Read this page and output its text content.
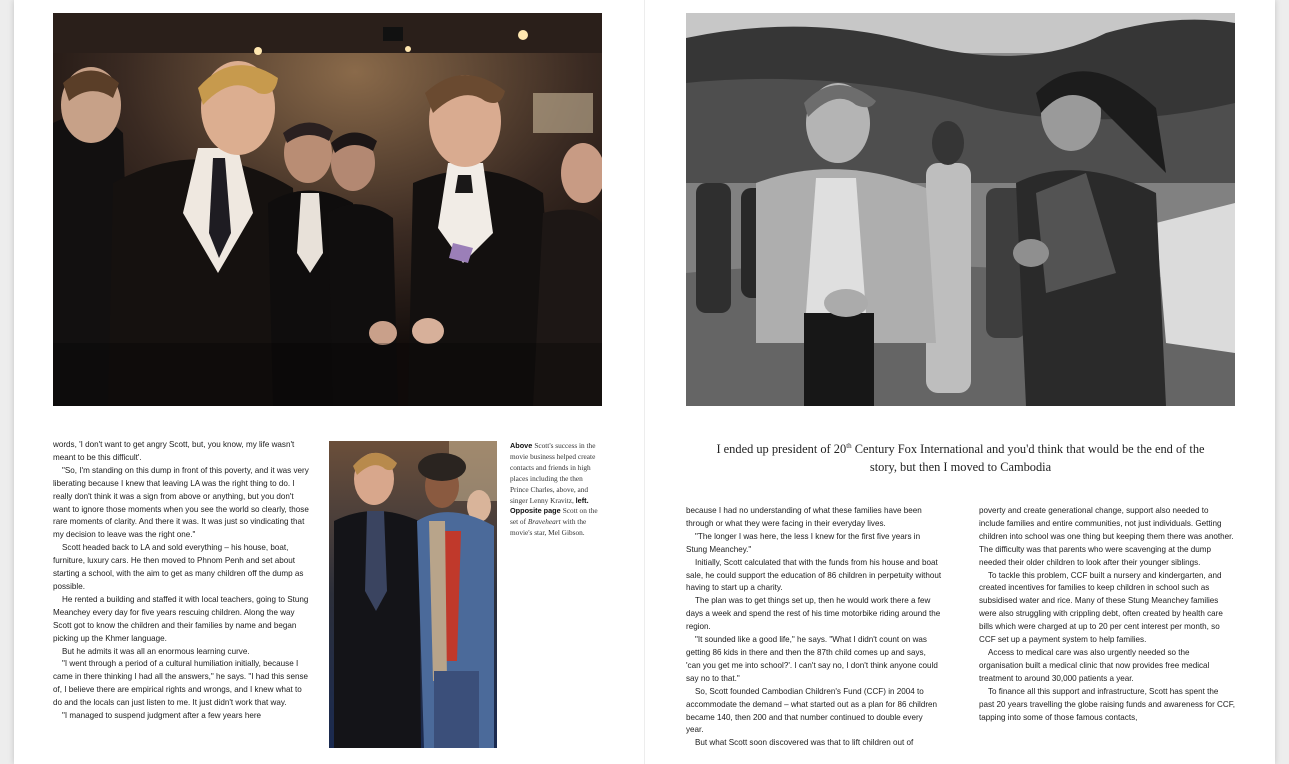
words, 'I don't want to get angry Scott, but, you know, my life wasn't meant to be this difficult'.

"So, I'm standing on this dump in front of this poverty, and it was very liberating because I knew that leaving LA was the right thing to do. I really don't think it was a sign from above or anything, but you don't want to ignore those moments when you see the world so clearly, those rare moments of clarity. And there it was. It was just so vindicating that my decision to leave was the right one."

Scott headed back to LA and sold everything – his house, boat, furniture, luxury cars. He then moved to Phnom Penh and set about starting a school, with the aim to get as many children off the dump as possible.

He rented a building and staffed it with local teachers, going to Stung Meanchey every day for five years rescuing children. Along the way Scott got to know the children and their families by name and began picking up the Khmer language.

But he admits it was all an enormous learning curve.

"I went through a period of a cultural humiliation initially, because I came in there thinking I had all the answers," he says. "I had this sense of, I believe there are empirical rights and wrongs, and I knew what to do and the locals can just listen to me. It just didn't work that way.

"I managed to suspend judgment after a few years here

Above Scott's success in the movie business helped create contacts and friends in high places including the then Prince Charles, above, and singer Lenny Kravitz, left. Opposite page Scott on the set of Braveheart with the movie's star, Mel Gibson.
I ended up president of 20th Century Fox International and you'd think that would be the end of the story, but then I moved to Cambodia

because I had no understanding of what these families have been through or what they were facing in their everyday lives.

"The longer I was here, the less I knew for the first five years in Stung Meanchey."

Initially, Scott calculated that with the funds from his house and boat sale, he could support the education of 86 children in perpetuity without having to start up a charity.

The plan was to get things set up, then he would work there a few days a week and spend the rest of his time motorbike riding around the region.

"It sounded like a good life," he says. "What I didn't count on was getting 86 kids in there and then the 87th child comes up and says, 'can you get me into school?'. I can't say no, I don't think anyone could say no to that."

So, Scott founded Cambodian Children's Fund (CCF) in 2004 to accommodate the demand – what started out as a plan for 86 children became 140, then 200 and that number continued to double every year.

But what Scott soon discovered was that to lift children out of

poverty and create generational change, support also needed to include families and entire communities, not just individuals. Getting children into school was one thing but keeping them there was another. The difficulty was that parents who were scavenging at the dump needed their older children to look after their younger siblings.

To tackle this problem, CCF built a nursery and kindergarten, and created incentives for families to keep children in school such as subsidised water and rice. Many of these Stung Meanchey families were also struggling with crippling debt, often created by health care bills which were charged at up to 20 per cent interest per month, so CCF set up a payment system to help families.

Access to medical care was also urgently needed so the organisation built a medical clinic that now provides free medical treatment to around 30,000 patients a year.

To finance all this support and infrastructure, Scott has spent the past 20 years travelling the globe raising funds and awareness for CCF, tapping into some of those famous contacts,
